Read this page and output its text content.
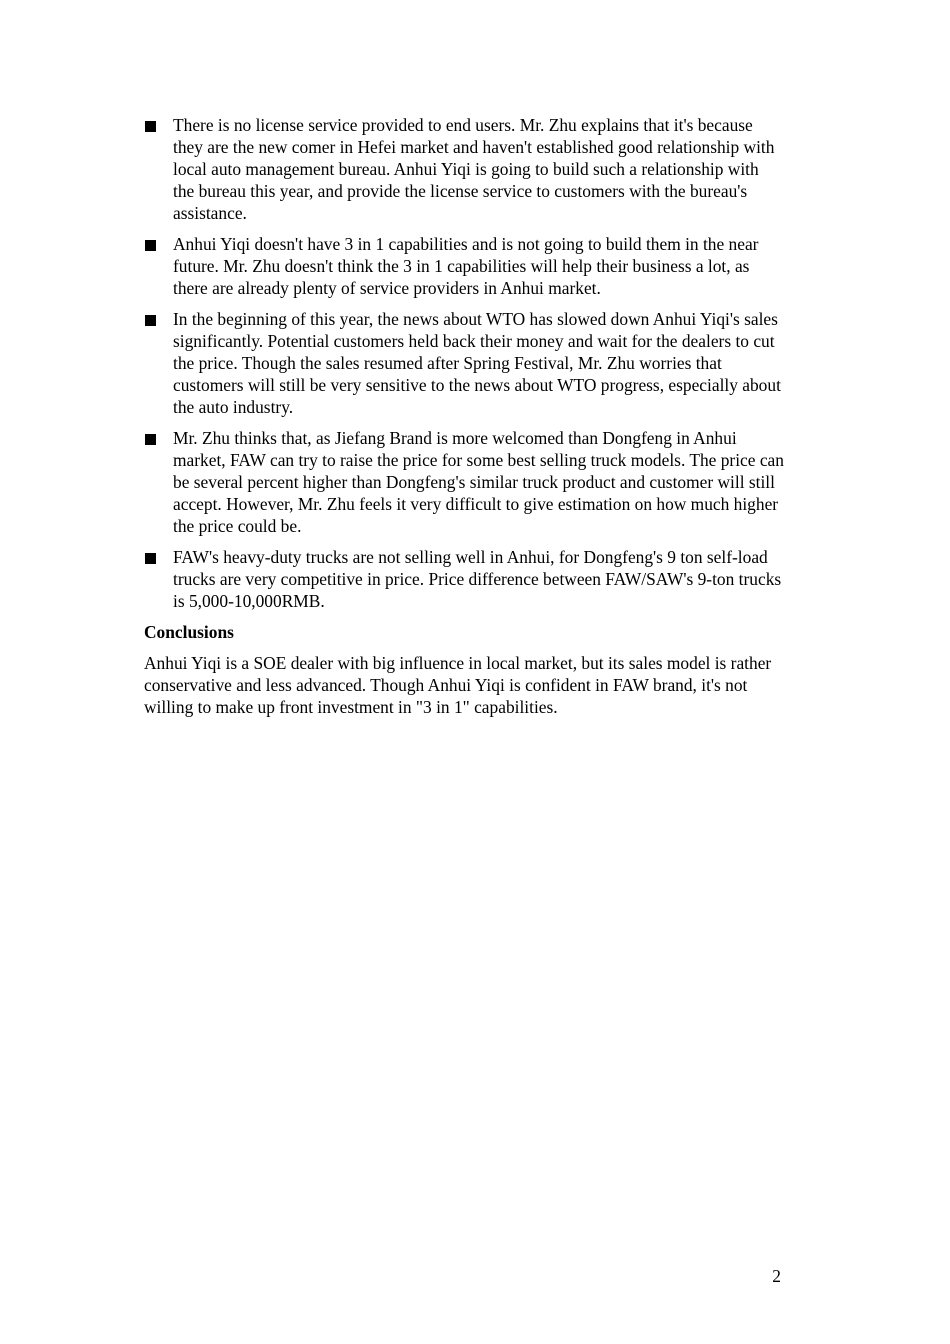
There is no license service provided to end users. Mr. Zhu explains that it's because they are the new comer in Hefei market and haven't established good relationship with local auto management bureau. Anhui Yiqi is going to build such a relationship with the bureau this year, and provide the license service to customers with the bureau's assistance.
Anhui Yiqi doesn't have 3 in 1 capabilities and is not going to build them in the near future. Mr. Zhu doesn't think the 3 in 1 capabilities will help their business a lot, as there are already plenty of service providers in Anhui market.
In the beginning of this year, the news about WTO has slowed down Anhui Yiqi's sales significantly. Potential customers held back their money and wait for the dealers to cut the price. Though the sales resumed after Spring Festival, Mr. Zhu worries that customers will still be very sensitive to the news about WTO progress, especially about the auto industry.
Mr. Zhu thinks that, as Jiefang Brand is more welcomed than Dongfeng in Anhui market, FAW can try to raise the price for some best selling truck models. The price can be several percent higher than Dongfeng's similar truck product and customer will still accept. However, Mr. Zhu feels it very difficult to give estimation on how much higher the price could be.
FAW's heavy-duty trucks are not selling well in Anhui, for Dongfeng's 9 ton self-load trucks are very competitive in price. Price difference between FAW/SAW's 9-ton trucks is 5,000-10,000RMB.
Conclusions

Anhui Yiqi is a SOE dealer with big influence in local market, but its sales model is rather conservative and less advanced. Though Anhui Yiqi is confident in FAW brand, it's not willing to make up front investment in "3 in 1" capabilities.

2
